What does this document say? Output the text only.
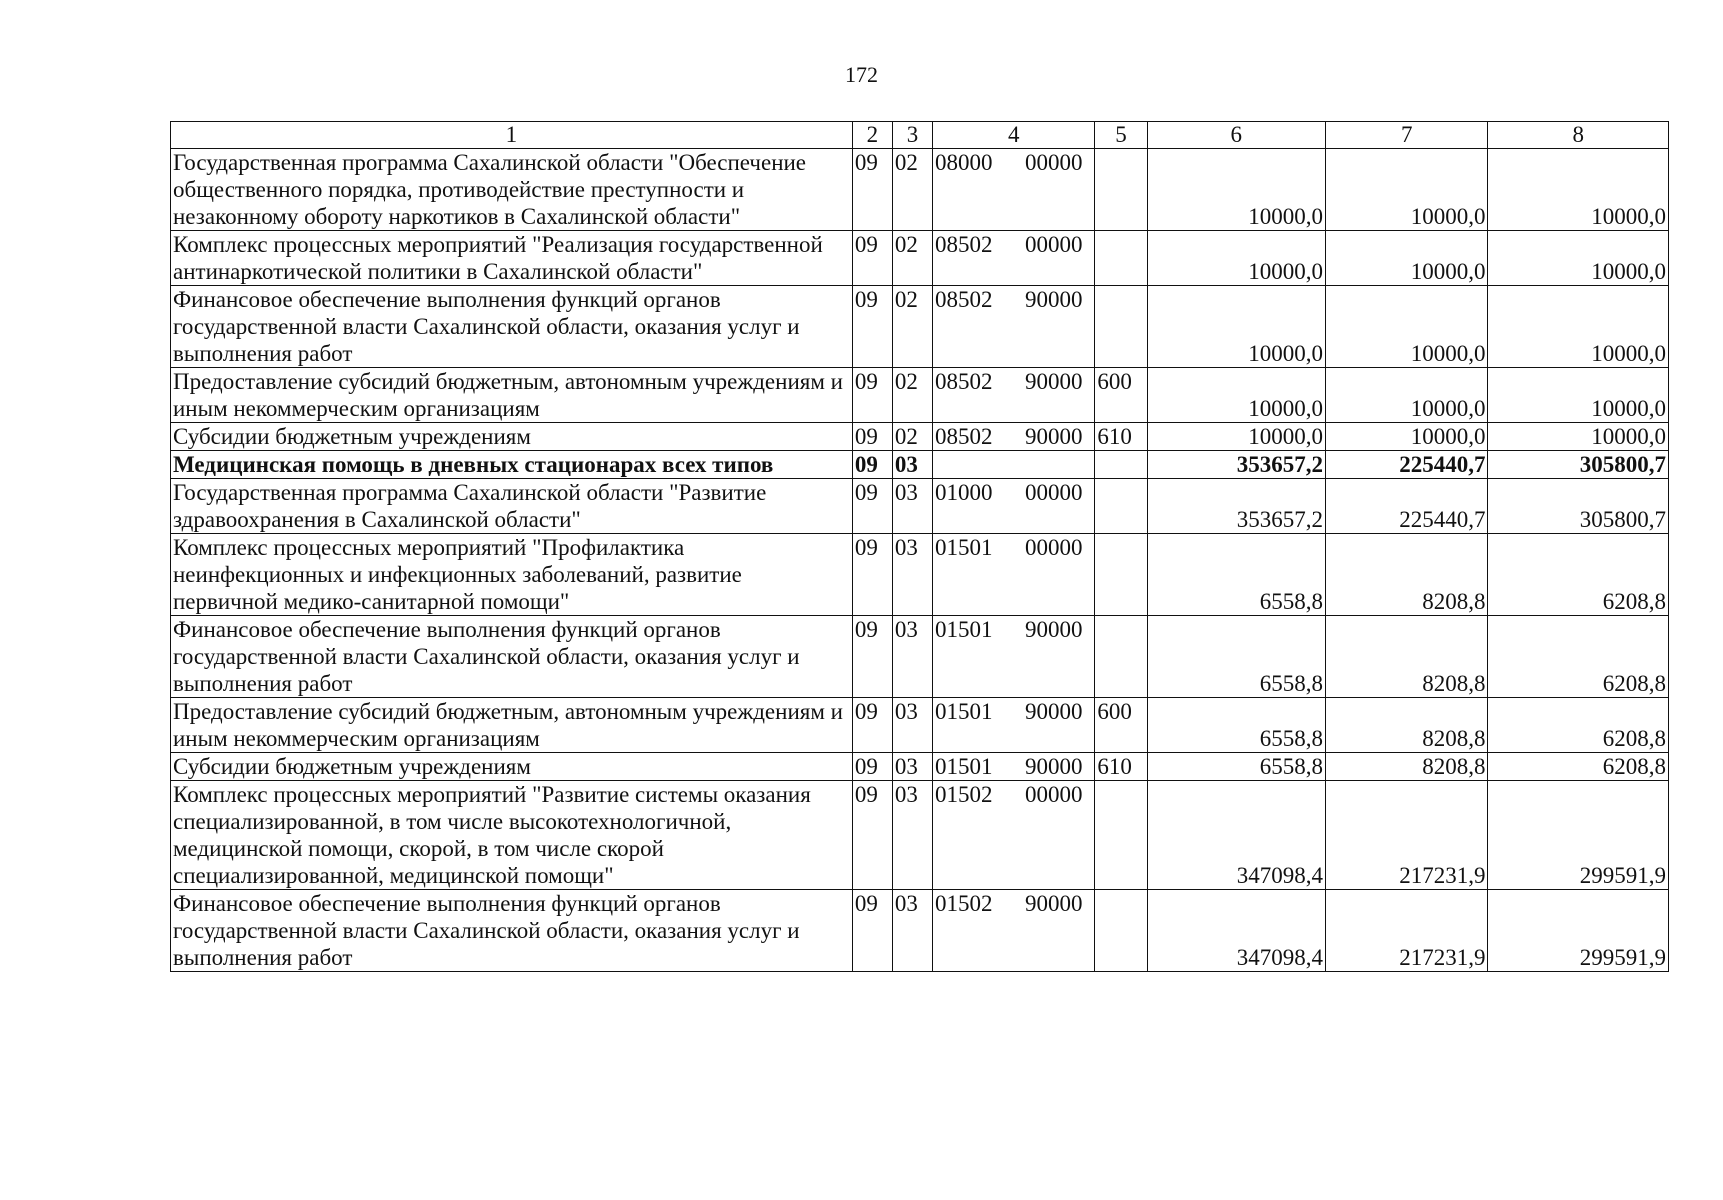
172
1	2	3	4	5	6	7	8
Государственная программа Сахалинской области "Обеспечение общественного порядка, противодействие преступности и незаконному обороту наркотиков в Сахалинской области"	09	02	08000 00000		10000,0	10000,0	10000,0
Комплекс процессных мероприятий "Реализация государственной антинаркотической политики в Сахалинской области"	09	02	08502 00000		10000,0	10000,0	10000,0
Финансовое обеспечение выполнения функций органов государственной власти Сахалинской области, оказания услуг и выполнения работ	09	02	08502 90000		10000,0	10000,0	10000,0
Предоставление субсидий бюджетным, автономным учреждениям и иным некоммерческим организациям	09	02	08502 90000	600	10000,0	10000,0	10000,0
Субсидии бюджетным учреждениям	09	02	08502 90000	610	10000,0	10000,0	10000,0
Медицинская помощь в дневных стационарах всех типов	09	03			353657,2	225440,7	305800,7
Государственная программа Сахалинской области "Развитие здравоохранения в Сахалинской области"	09	03	01000 00000		353657,2	225440,7	305800,7
Комплекс процессных мероприятий "Профилактика неинфекционных и инфекционных заболеваний, развитие первичной медико-санитарной помощи"	09	03	01501 00000		6558,8	8208,8	6208,8
Финансовое обеспечение выполнения функций органов государственной власти Сахалинской области, оказания услуг и выполнения работ	09	03	01501 90000		6558,8	8208,8	6208,8
Предоставление субсидий бюджетным, автономным учреждениям и иным некоммерческим организациям	09	03	01501 90000	600	6558,8	8208,8	6208,8
Субсидии бюджетным учреждениям	09	03	01501 90000	610	6558,8	8208,8	6208,8
Комплекс процессных мероприятий "Развитие системы оказания специализированной, в том числе высокотехнологичной, медицинской помощи, скорой, в том числе скорой специализированной, медицинской помощи"	09	03	01502 00000		347098,4	217231,9	299591,9
Финансовое обеспечение выполнения функций органов государственной власти Сахалинской области, оказания услуг и выполнения работ	09	03	01502 90000		347098,4	217231,9	299591,9
